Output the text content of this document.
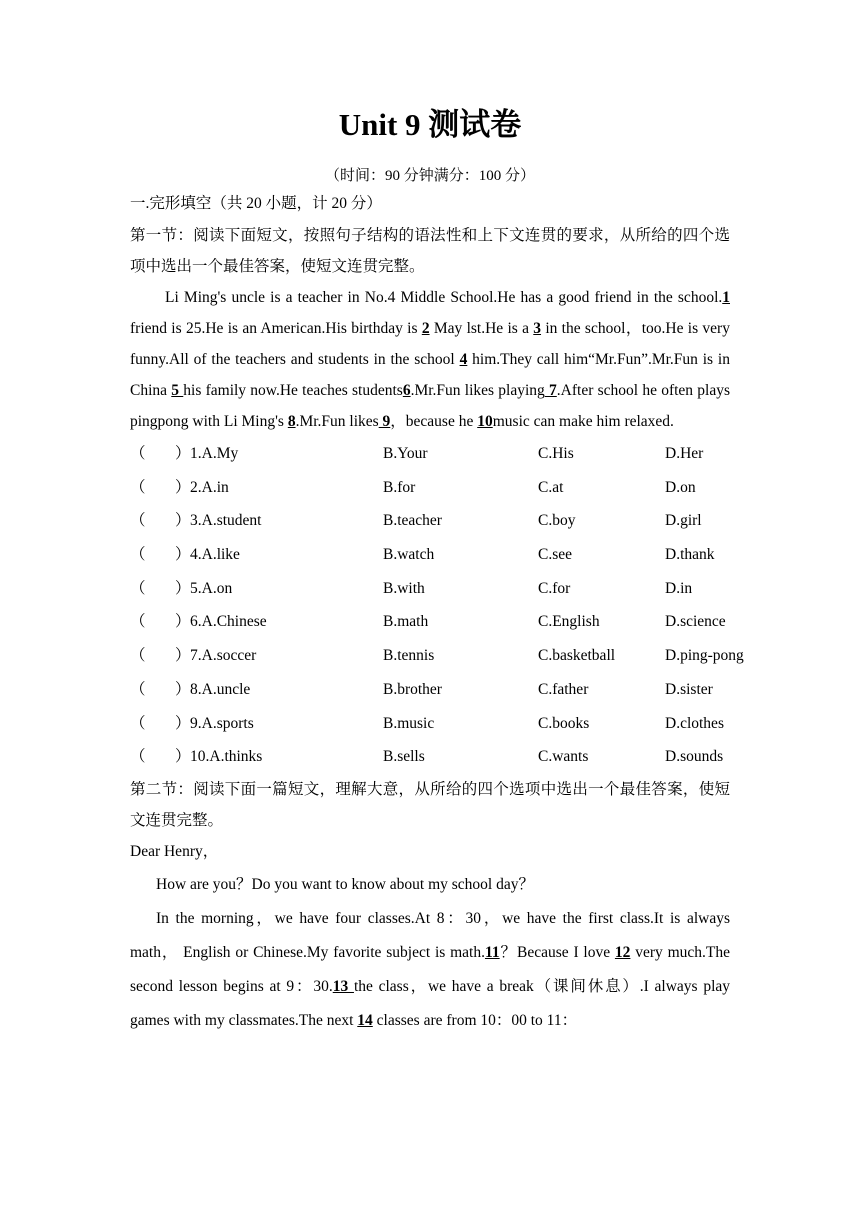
Unit 9 测试卷
（时间：90 分钟满分：100 分）

一.完形填空（共 20 小题，计 20 分）

第一节：阅读下面短文，按照句子结构的语法性和上下文连贯的要求，从所给的四个选项中选出一个最佳答案，使短文连贯完整。

Li Ming's uncle is a teacher in No.4 Middle School.He has a good friend in the school.1 friend is 25.He is an American.His birthday is 2 May lst.He is a 3 in the school，too.He is very funny.All of the teachers and students in the school 4 him.They call him“Mr.Fun”.Mr.Fun is in China 5 his family now.He teaches students6.Mr.Fun likes playing 7.After school he often plays pingpong with Li Ming's 8.Mr.Fun likes 9，because he 10music can make him relaxed.

（ ） 1.A.My	B.Your	C.His	D.Her
（ ） 2.A.in	B.for	C.at	D.on
（ ） 3.A.student	B.teacher	C.boy	D.girl
（ ） 4.A.like	B.watch	C.see	D.thank
（ ） 5.A.on	B.with	C.for	D.in
（ ） 6.A.Chinese	B.math	C.English	D.science
（ ） 7.A.soccer	B.tennis	C.basketball	D.ping-pong
（ ） 8.A.uncle	B.brother	C.father	D.sister
（ ） 9.A.sports	B.music	C.books	D.clothes
（ ） 10.A.thinks	B.sells	C.wants	D.sounds

第二节：阅读下面一篇短文，理解大意，从所给的四个选项中选出一个最佳答案，使短文连贯完整。

Dear Henry，

How are you？Do you want to know about my school day？

In the morning，we have four classes.At 8：30，we have the first class.It is always math， English or Chinese.My favorite subject is math.11？Because I love 12 very much.The second lesson begins at 9：30.13 the class，we have a break（课间休息）.I always play games with my classmates.The next 14 classes are from 10：00 to 11：
